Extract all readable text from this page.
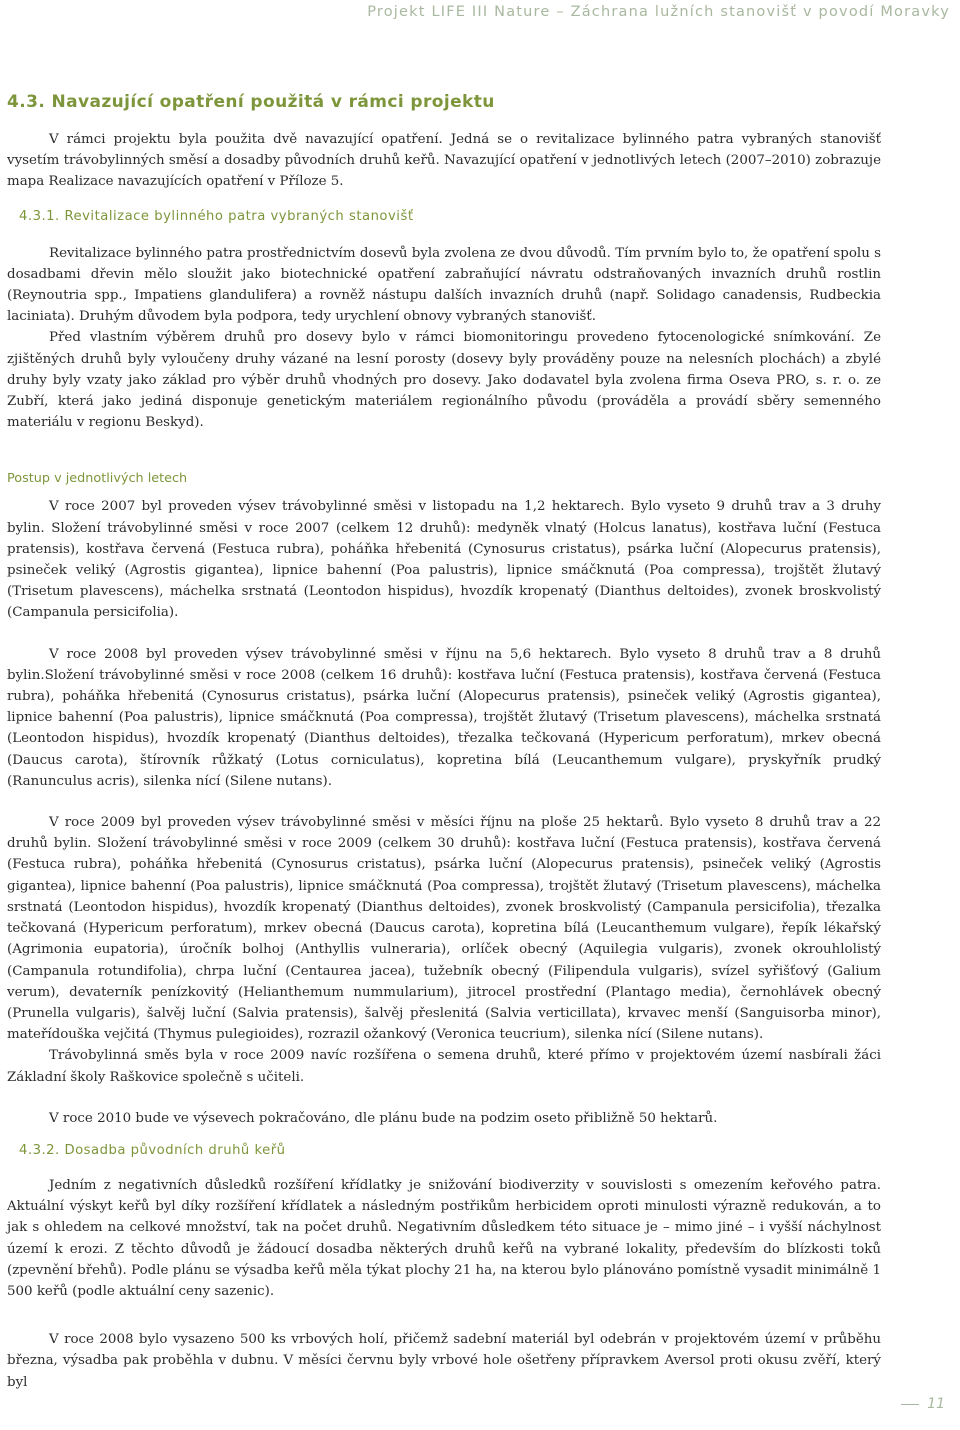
Projekt LIFE III Nature – Záchrana lužních stanovišť v povodí Moravky
4.3. Navazující opatření použitá v rámci projektu

V rámci projektu byla použita dvě navazující opatření. Jedná se o revitalizace bylinného patra vybraných stanovišť vysetím trávobylinných směsí a dosadby původních druhů keřů. Navazující opatření v jednotlivých letech (2007–2010) zobrazuje mapa Realizace navazujících opatření v Příloze 5.

4.3.1. Revitalizace bylinného patra vybraných stanovišť

Revitalizace bylinného patra prostřednictvím dosevů byla zvolena ze dvou důvodů. Tím prvním bylo to, že opatření spolu s dosadbami dřevin mělo sloužit jako biotechnické opatření zabraňující návratu odstraňovaných invazních druhů rostlin (Reynoutria spp., Impatiens glandulifera) a rovněž nástupu dalších invazních druhů (např. Solidago canadensis, Rudbeckia laciniata). Druhým důvodem byla podpora, tedy urychlení obnovy vybraných stanovišť.

Před vlastním výběrem druhů pro dosevy bylo v rámci biomonitoringu provedeno fytocenologické snímkování. Ze zjištěných druhů byly vyloučeny druhy vázané na lesní porosty (dosevy byly prováděny pouze na nelesních plochách) a zbylé druhy byly vzaty jako základ pro výběr druhů vhodných pro dosevy. Jako dodavatel byla zvolena firma Oseva PRO, s. r. o. ze Zubří, která jako jediná disponuje genetickým materiálem regionálního původu (prováděla a provádí sběry semenného materiálu v regionu Beskyd).

Postup v jednotlivých letech

V roce 2007 byl proveden výsev trávobylinné směsi v listopadu na 1,2 hektarech. Bylo vyseto 9 druhů trav a 3 druhy bylin. Složení trávobylinné směsi v roce 2007 (celkem 12 druhů): medyněk vlnatý (Holcus lanatus), kostřava luční (Festuca pratensis), kostřava červená (Festuca rubra), poháňka hřebenitá (Cynosurus cristatus), psárka luční (Alopecurus pratensis), psineček veliký (Agrostis gigantea), lipnice bahenní (Poa palustris), lipnice smáčknutá (Poa compressa), trojštět žlutavý (Trisetum plavescens), máchelka srstnatá (Leontodon hispidus), hvozdík kropenatý (Dianthus deltoides), zvonek broskvolistý (Campanula persicifolia).

V roce 2008 byl proveden výsev trávobylinné směsi v říjnu na 5,6 hektarech. Bylo vyseto 8 druhů trav a 8 druhů bylin.Složení trávobylinné směsi v roce 2008 (celkem 16 druhů): kostřava luční (Festuca pratensis), kostřava červená (Festuca rubra), poháňka hřebenitá (Cynosurus cristatus), psárka luční (Alopecurus pratensis), psineček veliký (Agrostis gigantea), lipnice bahenní (Poa palustris), lipnice smáčknutá (Poa compressa), trojštět žlutavý (Trisetum plavescens), máchelka srstnatá (Leontodon hispidus), hvozdík kropenatý (Dianthus deltoides), třezalka tečkovaná (Hypericum perforatum), mrkev obecná (Daucus carota), štírovník růžkatý (Lotus corniculatus), kopretina bílá (Leucanthemum vulgare), pryskyřník prudký (Ranunculus acris), silenka nící (Silene nutans).

V roce 2009 byl proveden výsev trávobylinné směsi v měsíci říjnu na ploše 25 hektarů. Bylo vyseto 8 druhů trav a 22 druhů bylin. Složení trávobylinné směsi v roce 2009 (celkem 30 druhů): kostřava luční (Festuca pratensis), kostřava červená (Festuca rubra), poháňka hřebenitá (Cynosurus cristatus), psárka luční (Alopecurus pratensis), psineček veliký (Agrostis gigantea), lipnice bahenní (Poa palustris), lipnice smáčknutá (Poa compressa), trojštět žlutavý (Trisetum plavescens), máchelka srstnatá (Leontodon hispidus), hvozdík kropenatý (Dianthus deltoides), zvonek broskvolistý (Campanula persicifolia), třezalka tečkovaná (Hypericum perforatum), mrkev obecná (Daucus carota), kopretina bílá (Leucanthemum vulgare), řepík lékařský (Agrimonia eupatoria), úročník bolhoj (Anthyllis vulneraria), orlíček obecný (Aquilegia vulgaris), zvonek okrouhlolistý (Campanula rotundifolia), chrpa luční (Centaurea jacea), tužebník obecný (Filipendula vulgaris), svízel syřišťový (Galium verum), devaterník penízkovitý (Helianthemum nummularium), jitrocel prostřední (Plantago media), černohlávek obecný (Prunella vulgaris), šalvěj luční (Salvia pratensis), šalvěj přeslenitá (Salvia verticillata), krvavec menší (Sanguisorba minor), mateřídouška vejčitá (Thymus pulegioides), rozrazil ožankový (Veronica teucrium), silenka nící (Silene nutans).

Trávobylinná směs byla v roce 2009 navíc rozšířena o semena druhů, které přímo v projektovém území nasbírali žáci Základní školy Raškovice společně s učiteli.

V roce 2010 bude ve výsevech pokračováno, dle plánu bude na podzim oseto přibližně 50 hektarů.

4.3.2. Dosadba původních druhů keřů

Jedním z negativních důsledků rozšíření křídlatky je snižování biodiverzity v souvislosti s omezením keřového patra. Aktuální výskyt keřů byl díky rozšíření křídlatek a následným postřikům herbicidem oproti minulosti výrazně redukován, a to jak s ohledem na celkové množství, tak na počet druhů. Negativním důsledkem této situace je – mimo jiné – i vyšší náchylnost území k erozi. Z těchto důvodů je žádoucí dosadba některých druhů keřů na vybrané lokality, především do blízkosti toků (zpevnění břehů). Podle plánu se výsadba keřů měla týkat plochy 21 ha, na kterou bylo plánováno pomístně vysadit minimálně 1 500 keřů (podle aktuální ceny sazenic).

V roce 2008 bylo vysazeno 500 ks vrbových holí, přičemž sadební materiál byl odebrán v projektovém území v průběhu března, výsadba pak proběhla v dubnu. V měsíci červnu byly vrbové hole ošetřeny přípravkem Aversol proti okusu zvěří, který byl

11
